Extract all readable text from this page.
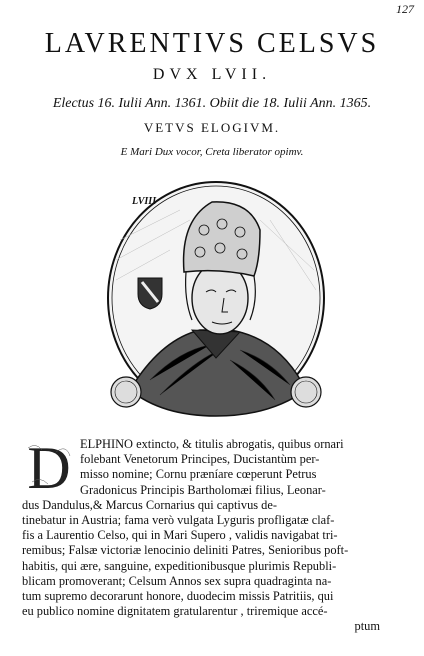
127
LAVRENTIVS CELSVS
DVX LVII.
Electus 16. Iulii Ann. 1361. Obiit die 18. Iulii Ann. 1365.
VETVS ELOGIVM.
E Mari Dux vocor, Creta liberator opimv.
LVIII
D ELPHINO extincto, & titulis abrogatis, quibus ornari
folebant Venetorum Principes, Ducistantùm per-
misso nomine; Cornu præníare cœperunt Petrus
Gradonicus Principis Bartholomæi filius, Leonar-
dus Dandulus,& Marcus Cornarius qui captivus de-
tinebatur in Austria; fama verò vulgata Lyguris profligatæ claf-
fis a Laurentio Celso, qui in Mari Supero , validis navigabat tri-
remibus; Falsæ victoriæ lenocinio deliniti Patres, Senioribus poft-
habitis, qui ære, sanguine, expeditionibusque plurimis Republi-
blicam promoverant; Celsum Annos sex supra quadraginta na-
tum supremo decorarunt honore, duodecim missis Patritiis, qui
eu publico nomine dignitatem gratularentur , triremique accé-
ptum
